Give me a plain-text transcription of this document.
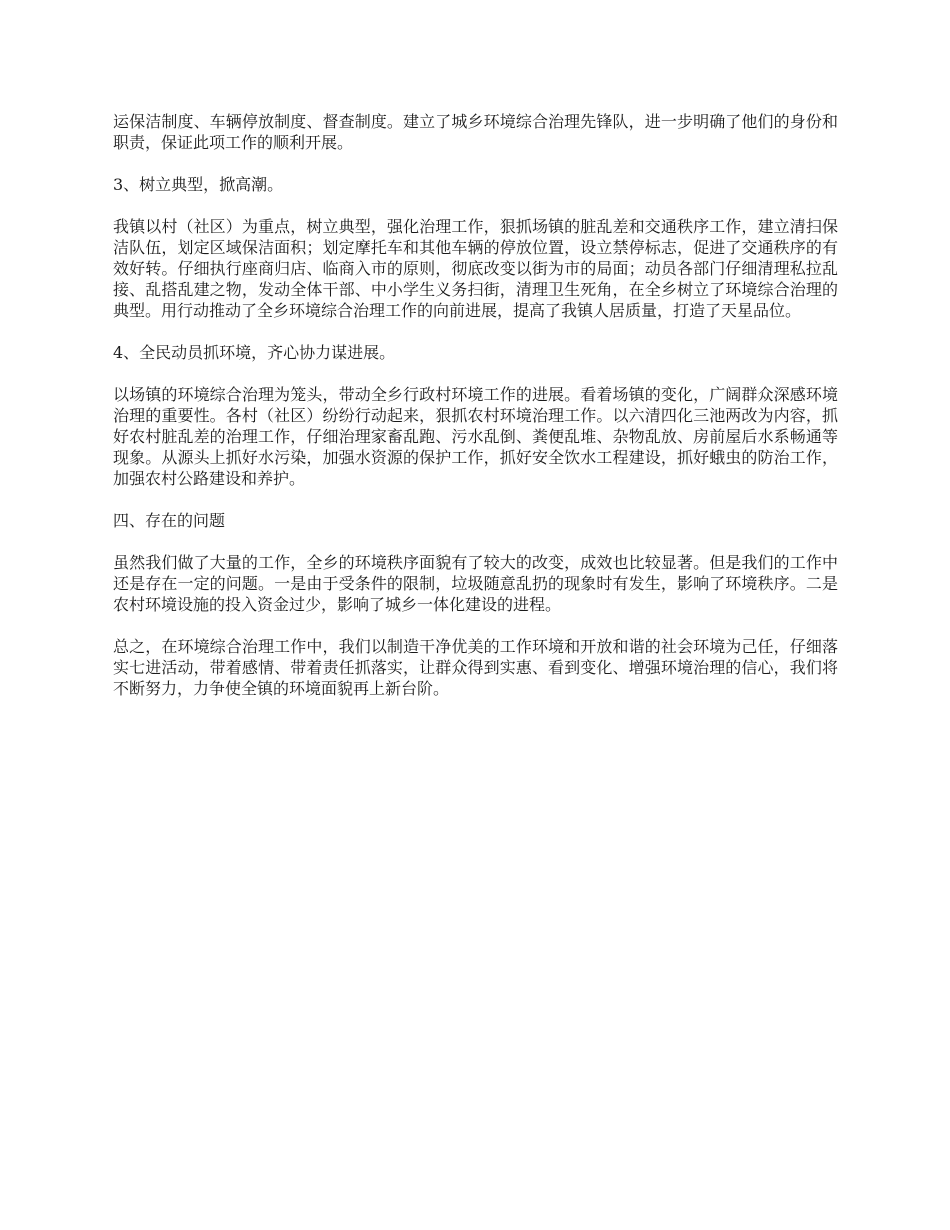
运保洁制度、车辆停放制度、督查制度。建立了城乡环境综合治理先锋队，进一步明确了他们的身份和职责，保证此项工作的顺利开展。

3、树立典型，掀高潮。

我镇以村（社区）为重点，树立典型，强化治理工作，狠抓场镇的脏乱差和交通秩序工作，建立清扫保洁队伍，划定区域保洁面积；划定摩托车和其他车辆的停放位置，设立禁停标志，促进了交通秩序的有效好转。仔细执行座商归店、临商入市的原则，彻底改变以街为市的局面；动员各部门仔细清理私拉乱接、乱搭乱建之物，发动全体干部、中小学生义务扫街，清理卫生死角，在全乡树立了环境综合治理的典型。用行动推动了全乡环境综合治理工作的向前进展，提高了我镇人居质量，打造了天星品位。

4、全民动员抓环境，齐心协力谋进展。

以场镇的环境综合治理为笼头，带动全乡行政村环境工作的进展。看着场镇的变化，广阔群众深感环境治理的重要性。各村（社区）纷纷行动起来，狠抓农村环境治理工作。以六清四化三池两改为内容，抓好农村脏乱差的治理工作，仔细治理家畜乱跑、污水乱倒、粪便乱堆、杂物乱放、房前屋后水系畅通等现象。从源头上抓好水污染，加强水资源的保护工作，抓好安全饮水工程建设，抓好蛾虫的防治工作，加强农村公路建设和养护。

四、存在的问题

虽然我们做了大量的工作，全乡的环境秩序面貌有了较大的改变，成效也比较显著。但是我们的工作中还是存在一定的问题。一是由于受条件的限制，垃圾随意乱扔的现象时有发生，影响了环境秩序。二是农村环境设施的投入资金过少，影响了城乡一体化建设的进程。

总之，在环境综合治理工作中，我们以制造干净优美的工作环境和开放和谐的社会环境为己任，仔细落实七进活动，带着感情、带着责任抓落实，让群众得到实惠、看到变化、增强环境治理的信心，我们将不断努力，力争使全镇的环境面貌再上新台阶。
